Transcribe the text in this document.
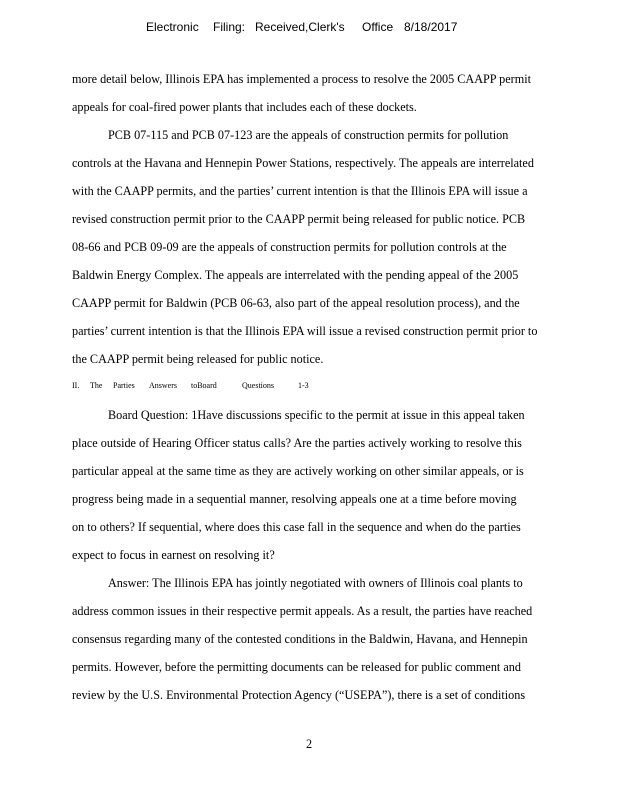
Electronic Filing: Received,Clerk's Office 8/18/2017
more detail below, Illinois EPA has implemented a process to resolve the 2005 CAAPP permit
appeals for coal-fired power plants that includes each of these dockets.
PCB 07-115 and PCB 07-123 are the appeals of construction permits for pollution
controls at the Havana and Hennepin Power Stations, respectively. The appeals are interrelated
with the CAAPP permits, and the parties’ current intention is that the Illinois EPA will issue a
revised construction permit prior to the CAAPP permit being released for public notice. PCB
08-66 and PCB 09-09 are the appeals of construction permits for pollution controls at the
Baldwin Energy Complex. The appeals are interrelated with the pending appeal of the 2005
CAAPP permit for Baldwin (PCB 06-63, also part of the appeal resolution process), and the
parties’ current intention is that the Illinois EPA will issue a revised construction permit prior to
the CAAPP permit being released for public notice.
II. The Parties Answers toBoard	Questions	1-3
Board Question: 1Have discussions specific to the permit at issue in this appeal taken
place outside of Hearing Officer status calls? Are the parties actively working to resolve this
particular appeal at the same time as they are actively working on other similar appeals, or is
progress being made in a sequential manner, resolving appeals one at a time before moving
on to others? If sequential, where does this case fall in the sequence and when do the parties
expect to focus in earnest on resolving it?
Answer: The Illinois EPA has jointly negotiated with owners of Illinois coal plants to
address common issues in their respective permit appeals. As a result, the parties have reached
consensus regarding many of the contested conditions in the Baldwin, Havana, and Hennepin
permits. However, before the permitting documents can be released for public comment and
review by the U.S. Environmental Protection Agency (“USEPA”), there is a set of conditions
2
